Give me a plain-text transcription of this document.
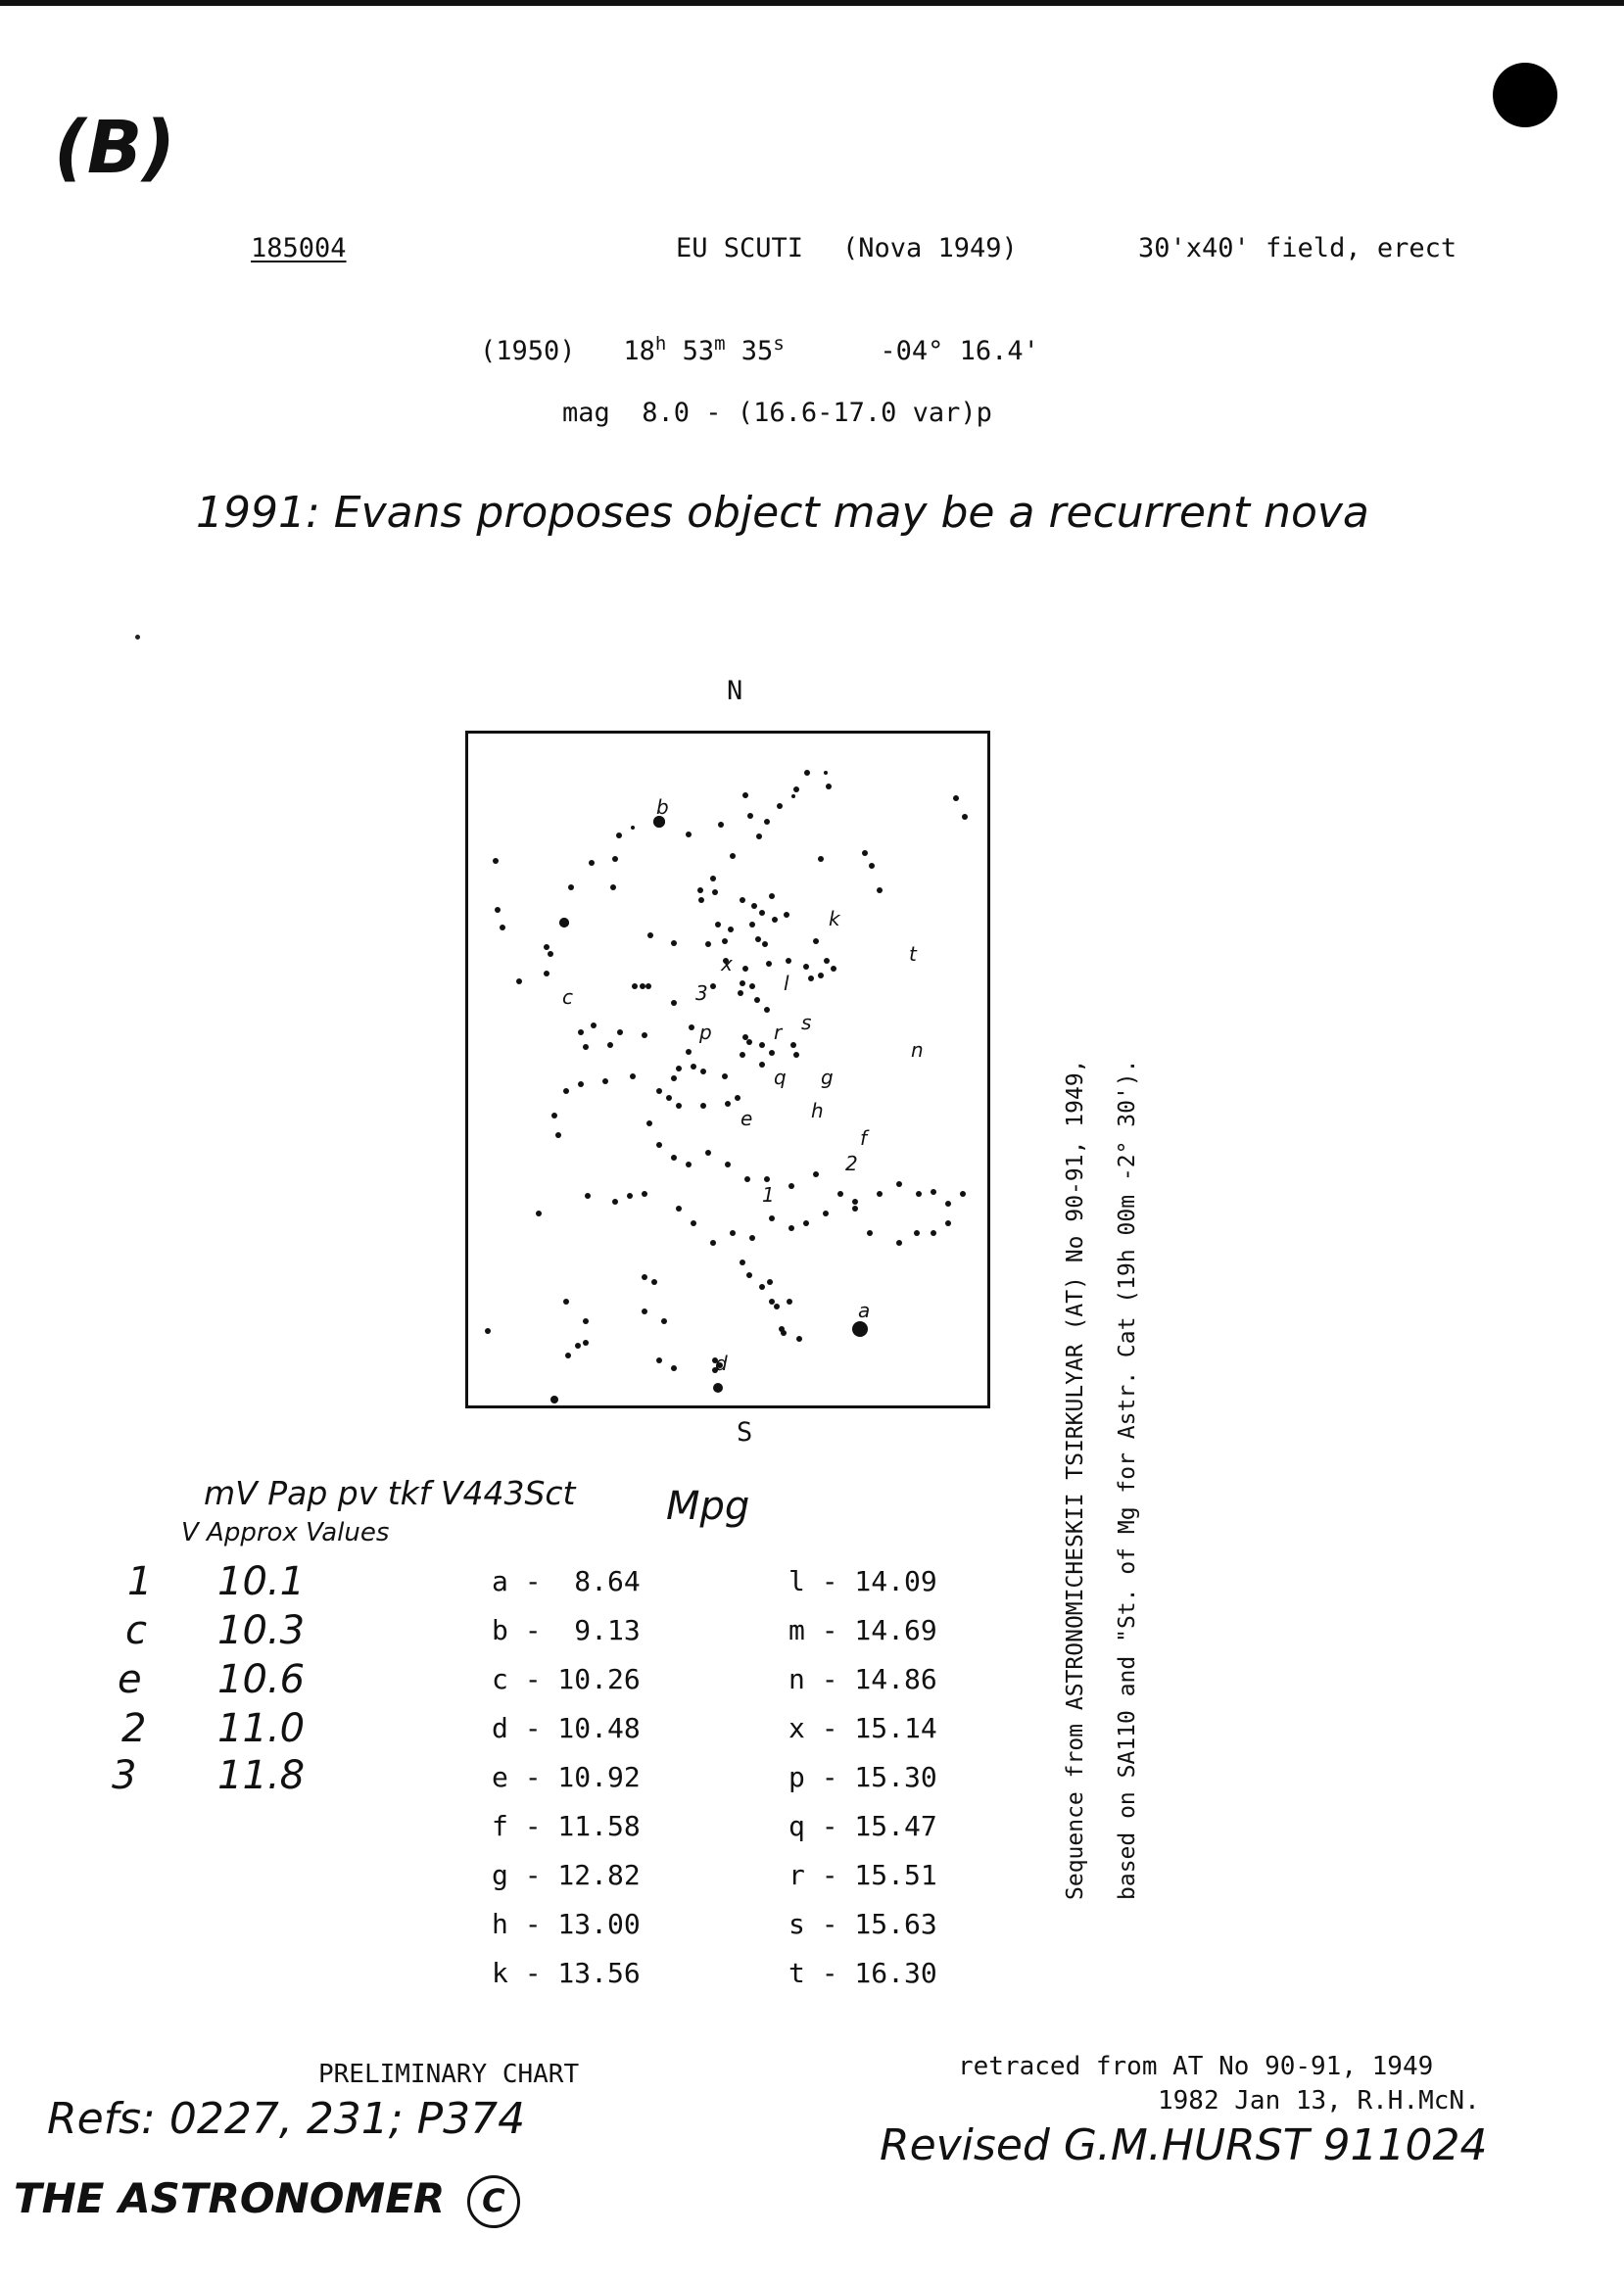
(B)
185004	EU SCUTI (Nova 1949)	30'x40' field, erect
(1950) 18$^h$ 53$^m$ 35$^s$	-04° 16.4'
mag  8.0 - (16.6-17.0 var)p
1991: Evans proposes object may be a recurrent nova
N
b
k
x	t
c	3	l
p	r s
n
q g
e	h
f
2
1
a
d
S	Sequence from ASTRONOMICHESKII TSIRKULYAR (AT) No 90-91, 1949, based on SA110 and "St. of Mg for Astr. Cat (19h 00m -2° 30').
mV Pap pv tkf V443Sct
V Approx Values
Mpg
1 10.1
c 10.3
e 10.6
2 11.0
3 11.8
a -  8.64
b -  9.13
c - 10.26
d - 10.48
e - 10.92
f - 11.58
g - 12.82
h - 13.00
k - 13.56
l - 14.09
m - 14.69
n - 14.86
x - 15.14
p - 15.30
q - 15.47
r - 15.51
s - 15.63
t - 16.30
PRELIMINARY CHART	retraced from AT No 90-91, 1949
1982 Jan 13, R.H.McN.
Refs: 0227, 231; P374
Revised G.M.HURST 911024
THE ASTRONOMER C
